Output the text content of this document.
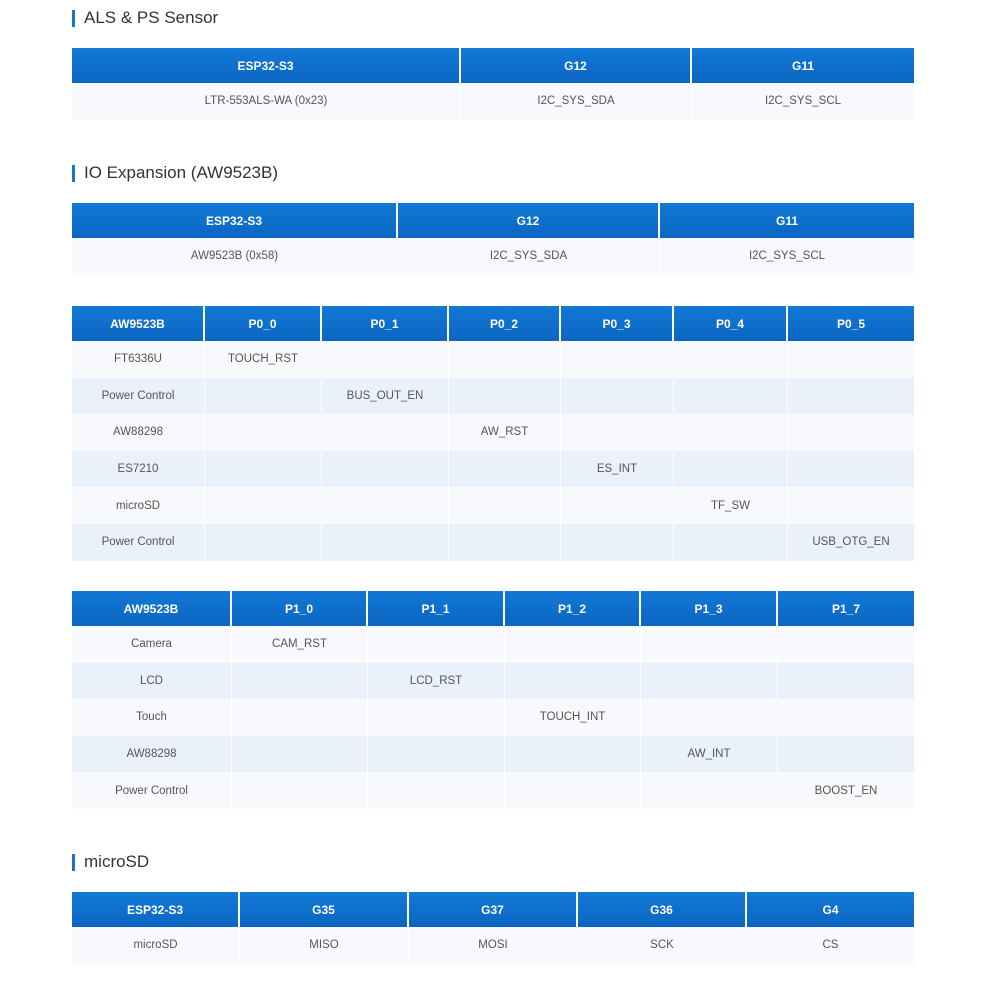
ALS & PS Sensor
ESP32-S3	G12	G11
LTR-553ALS-WA (0x23)	I2C_SYS_SDA	I2C_SYS_SCL
IO Expansion (AW9523B)
ESP32-S3	G12	G11
AW9523B (0x58)	I2C_SYS_SDA	I2C_SYS_SCL
AW9523B	P0_0	P0_1	P0_2	P0_3	P0_4	P0_5
FT6336U	TOUCH_RST					
Power Control		BUS_OUT_EN				
AW88298			AW_RST			
ES7210				ES_INT		
microSD					TF_SW	
Power Control						USB_OTG_EN
AW9523B	P1_0	P1_1	P1_2	P1_3	P1_7
Camera	CAM_RST				
LCD		LCD_RST			
Touch			TOUCH_INT		
AW88298				AW_INT	
Power Control					BOOST_EN
microSD
ESP32-S3	G35	G37	G36	G4
microSD	MISO	MOSI	SCK	CS
